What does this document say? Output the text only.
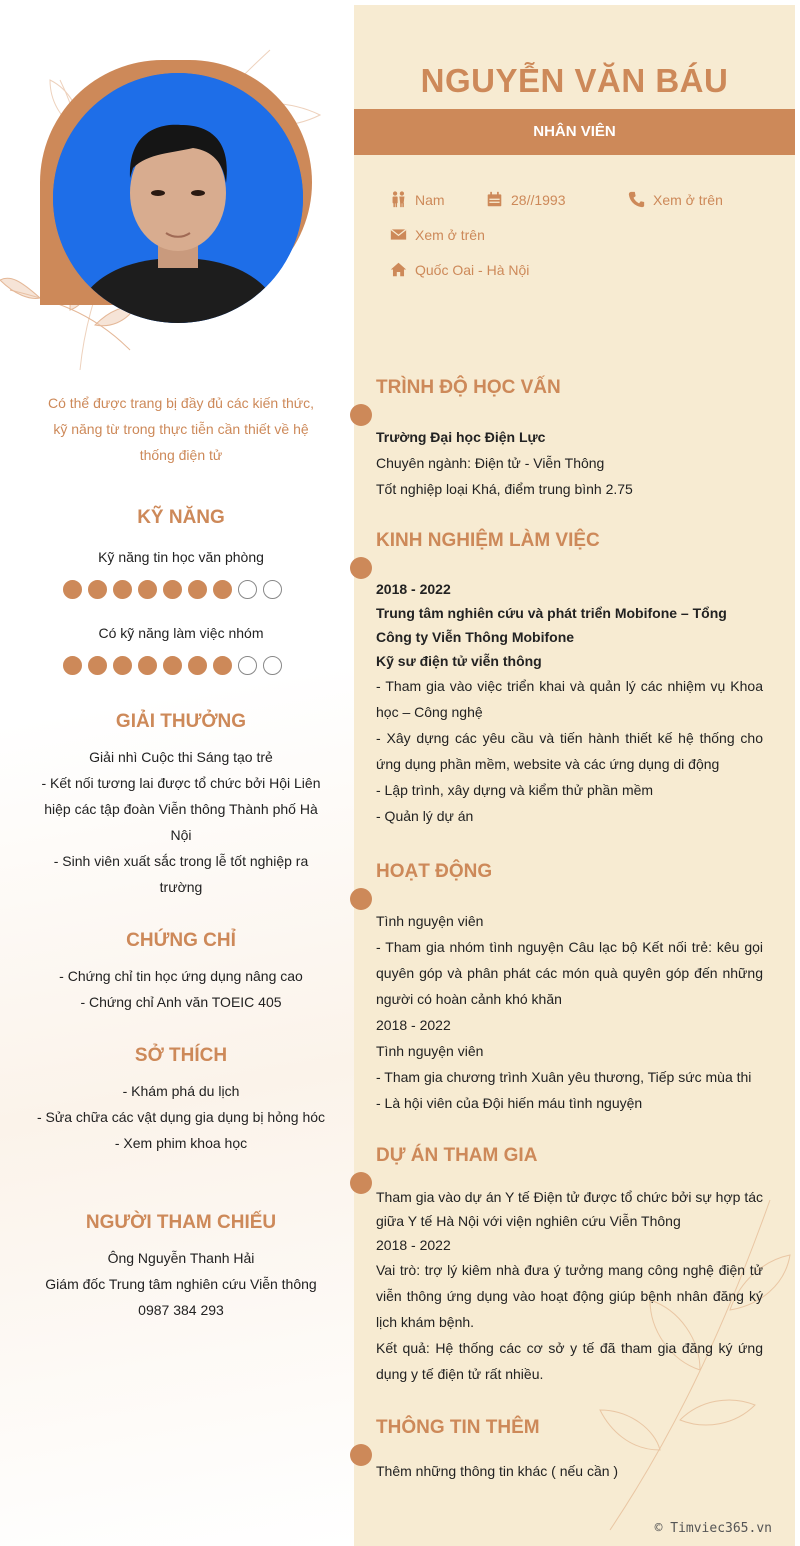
Có thể được trang bị đầy đủ các kiến thức, kỹ năng từ trong thực tiễn cần thiết về hệ thống điện tử
KỸ NĂNG
Kỹ năng tin học văn phòng
Có kỹ năng làm việc nhóm
GIẢI THƯỞNG
Giải nhì Cuộc thi Sáng tạo trẻ
- Kết nối tương lai được tổ chức bởi Hội Liên hiệp các tập đoàn Viễn thông Thành phố Hà Nội
- Sinh viên xuất sắc trong lễ tốt nghiệp ra trường
CHỨNG CHỈ
- Chứng chỉ tin học ứng dụng nâng cao
- Chứng chỉ Anh văn TOEIC 405
SỞ THÍCH
- Khám phá du lịch
- Sửa chữa các vật dụng gia dụng bị hỏng hóc
- Xem phim khoa học
NGƯỜI THAM CHIẾU
Ông Nguyễn Thanh Hải
Giám đốc Trung tâm nghiên cứu Viễn thông
0987 384 293
NGUYỄN VĂN BÁU
NHÂN VIÊN
Nam	28//1993	Xem ở trên
Xem ở trên
Quốc Oai - Hà Nội
TRÌNH ĐỘ HỌC VẤN
Trường Đại học Điện Lực
Chuyên ngành: Điện tử - Viễn Thông
Tốt nghiệp loại Khá, điểm trung bình 2.75
KINH NGHIỆM LÀM VIỆC
2018 - 2022
Trung tâm nghiên cứu và phát triển Mobifone – Tổng Công ty Viễn Thông Mobifone
Kỹ sư điện tử viễn thông
- Tham gia vào việc triển khai và quản lý các nhiệm vụ Khoa học – Công nghệ
- Xây dựng các yêu cầu và tiến hành thiết kế hệ thống cho ứng dụng phần mềm, website và các ứng dụng di động
- Lập trình, xây dựng và kiểm thử phần mềm
- Quản lý dự án
HOẠT ĐỘNG
Tình nguyện viên
- Tham gia nhóm tình nguyện Câu lạc bộ Kết nối trẻ: kêu gọi quyên góp và phân phát các món quà quyên góp đến những người có hoàn cảnh khó khăn
2018 - 2022
Tình nguyện viên
- Tham gia chương trình Xuân yêu thương, Tiếp sức mùa thi
- Là hội viên của Đội hiến máu tình nguyện
DỰ ÁN THAM GIA
Tham gia vào dự án Y tế Điện tử được tổ chức bởi sự hợp tác giữa Y tế Hà Nội với viện nghiên cứu Viễn Thông
2018 - 2022
Vai trò: trợ lý kiêm nhà đưa ý tưởng mang công nghệ điện tử viễn thông ứng dụng vào hoạt động giúp bệnh nhân đăng ký lịch khám bệnh.
Kết quả: Hệ thống các cơ sở y tế đã tham gia đăng ký ứng dụng y tế điện tử rất nhiều.
THÔNG TIN THÊM
Thêm những thông tin khác ( nếu cần )
© Timviec365.vn
